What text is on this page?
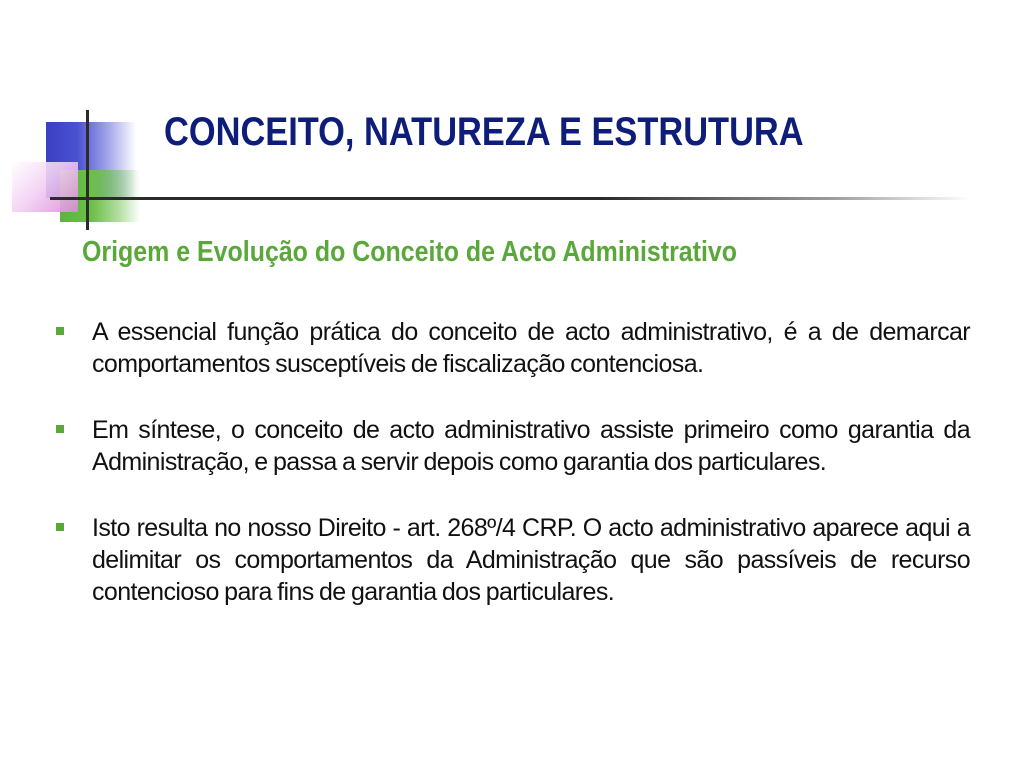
CONCEITO, NATUREZA E ESTRUTURA
Origem e Evolução do Conceito de Acto Administrativo
A essencial função prática do conceito de acto administrativo, é a de demarcar comportamentos susceptíveis de fiscalização contenciosa.
Em síntese, o conceito de acto administrativo assiste primeiro como garantia da Administração, e passa a servir depois como garantia dos particulares.
Isto resulta no nosso Direito - art. 268º/4 CRP. O acto administrativo aparece aqui a delimitar os comportamentos da Administração que são passíveis de recurso contencioso para fins de garantia dos particulares.
